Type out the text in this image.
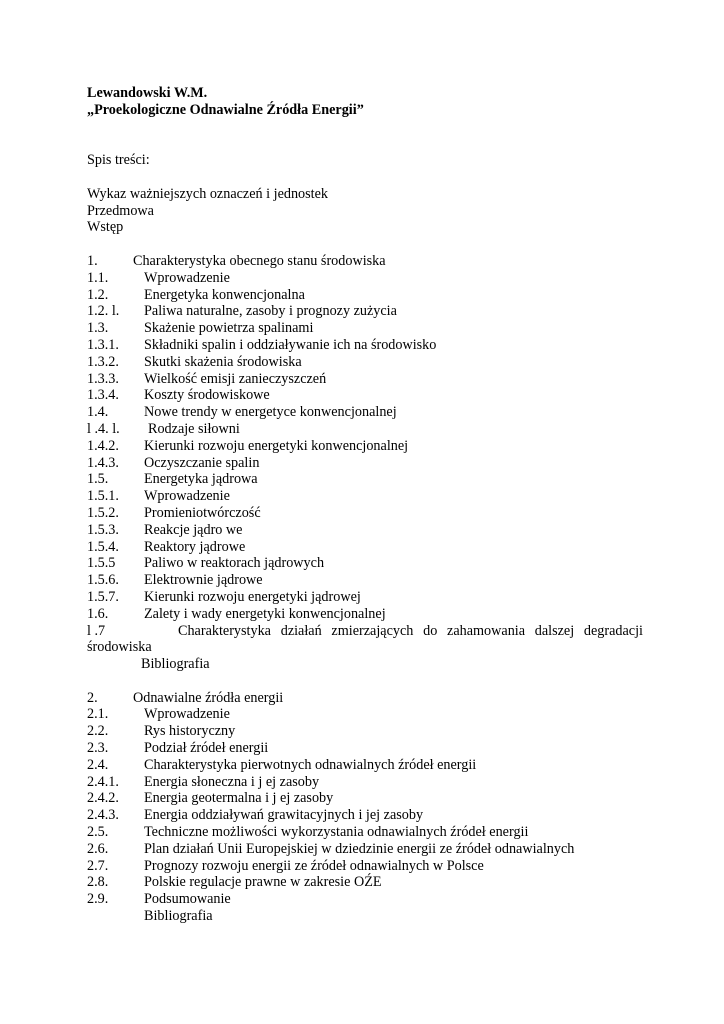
Lewandowski W.M.
„Proekologiczne Odnawialne Źródła Energii”
Spis treści:
Wykaz ważniejszych oznaczeń i jednostek
Przedmowa
Wstęp
1. Charakterystyka obecnego stanu środowiska
1.1.	Wprowadzenie
1.2.	Energetyka konwencjonalna
1.2. l. Paliwa naturalne, zasoby i prognozy zużycia
1.3.	Skażenie powietrza spalinami
1.3.1. Składniki spalin i oddziaływanie ich na środowisko
1.3.2. Skutki skażenia środowiska
1.3.3. Wielkość emisji zanieczyszczeń
1.3.4. Koszty środowiskowe
1.4.	Nowe trendy w energetyce konwencjonalnej
l .4. l. Rodzaje siłowni
1.4.2. Kierunki rozwoju energetyki konwencjonalnej
1.4.3. Oczyszczanie spalin
1.5.	Energetyka jądrowa
1.5.1. Wprowadzenie
1.5.2. Promieniotwórczość
1.5.3. Reakcje jądro we
1.5.4. Reaktory jądrowe
1.5.5 Paliwo w reaktorach jądrowych
1.5.6. Elektrownie jądrowe
1.5.7. Kierunki rozwoju energetyki jądrowej
1.6.	Zalety i wady energetyki konwencjonalnej
l .7	Charakterystyka działań zmierzających do zahamowania dalszej degradacji
środowiska
Bibliografia
2. Odnawialne źródła energii
2.1.	Wprowadzenie
2.2.	Rys historyczny
2.3.	Podział źródeł energii
2.4.	Charakterystyka pierwotnych odnawialnych źródeł energii
2.4.1. Energia słoneczna i j ej zasoby
2.4.2. Energia geotermalna i j ej zasoby
2.4.3. Energia oddziaływań grawitacyjnych i jej zasoby
2.5.	Techniczne możliwości wykorzystania odnawialnych źródeł energii
2.6.	Plan działań Unii Europejskiej w dziedzinie energii ze źródeł odnawialnych
2.7.	Prognozy rozwoju energii ze źródeł odnawialnych w Polsce
2.8.	Polskie regulacje prawne w zakresie OŹE
2.9.	Podsumowanie
Bibliografia
